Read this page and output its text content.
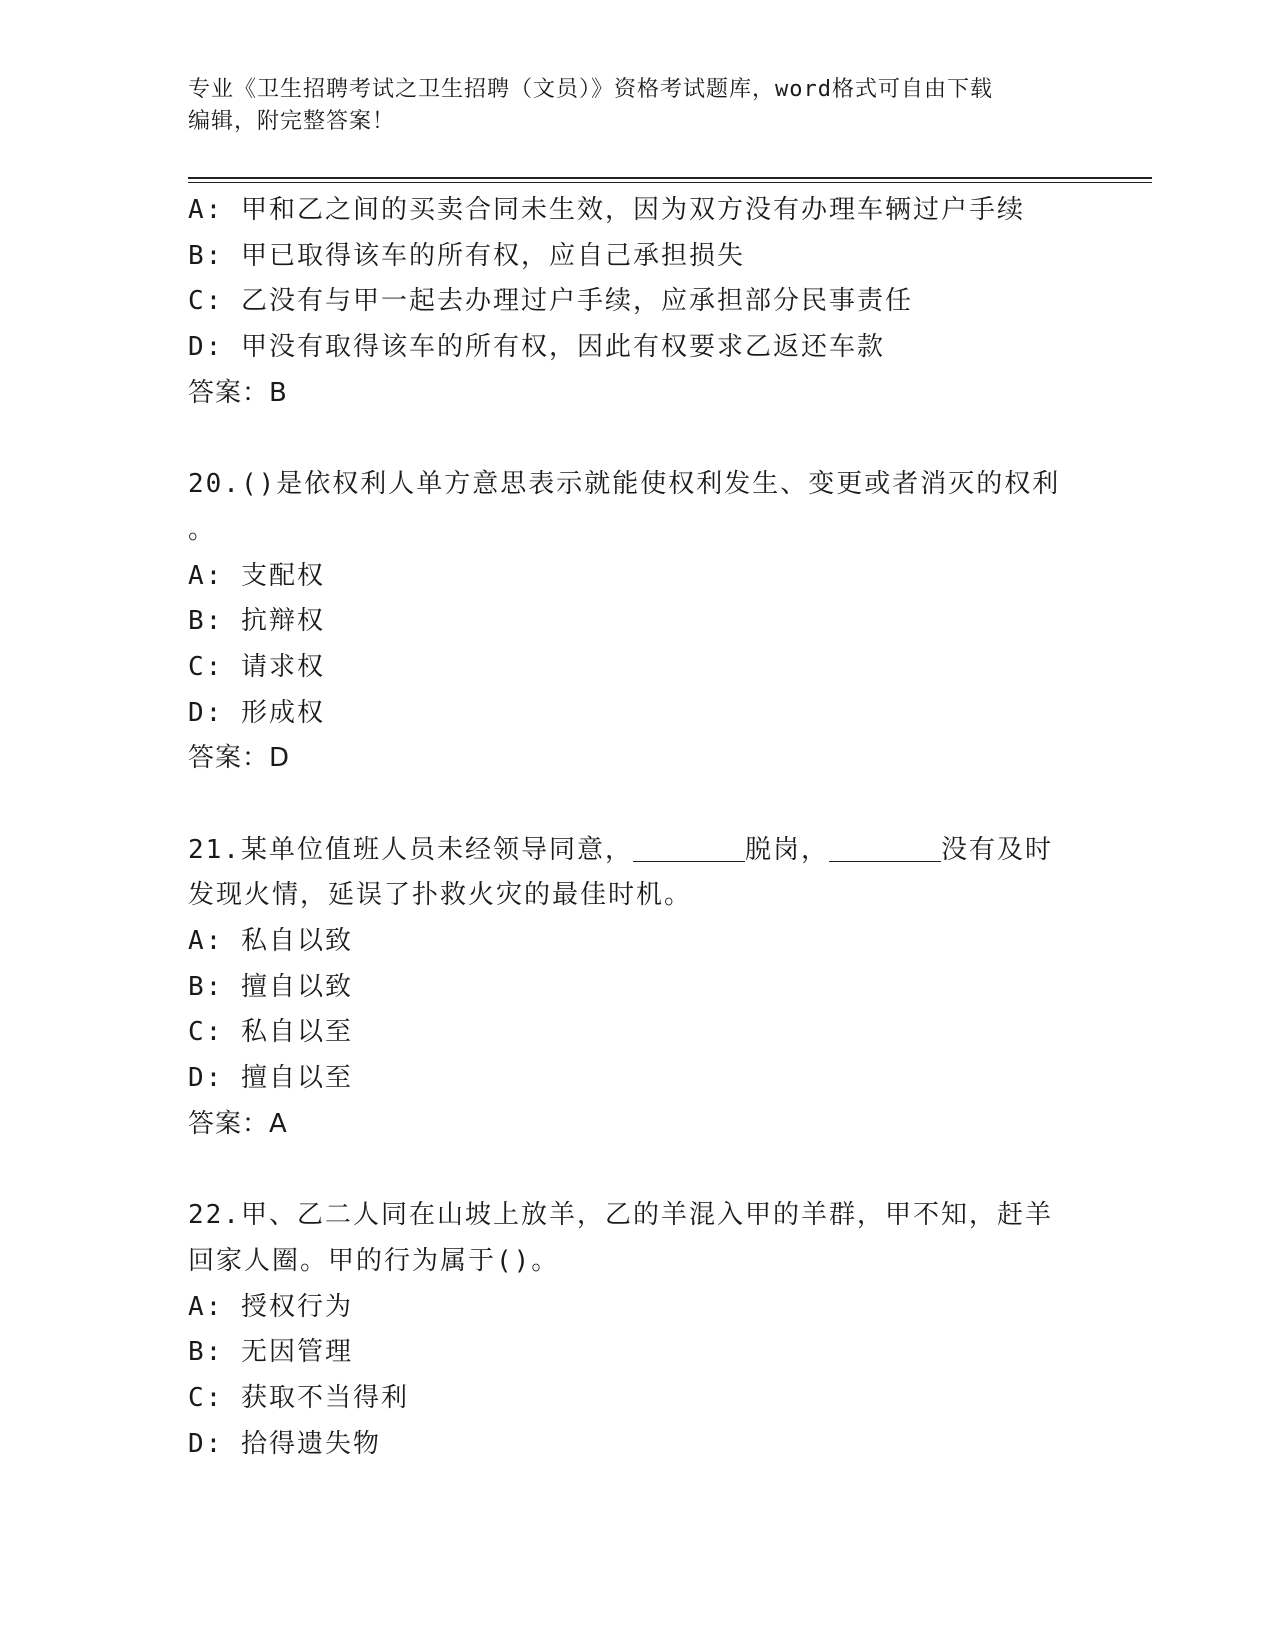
专业《卫生招聘考试之卫生招聘（文员）》资格考试题库，word格式可自由下载
编辑，附完整答案！
A: 甲和乙之间的买卖合同未生效，因为双方没有办理车辆过户手续
B: 甲已取得该车的所有权，应自己承担损失
C: 乙没有与甲一起去办理过户手续，应承担部分民事责任
D: 甲没有取得该车的所有权，因此有权要求乙返还车款
答案：B
20.()是依权利人单方意思表示就能使权利发生、变更或者消灭的权利
。
A: 支配权
B: 抗辩权
C: 请求权
D: 形成权
答案：D
21.某单位值班人员未经领导同意，	脱岗，	没有及时
发现火情，延误了扑救火灾的最佳时机。
A: 私自以致
B: 擅自以致
C: 私自以至
D: 擅自以至
答案：A
22.甲、乙二人同在山坡上放羊，乙的羊混入甲的羊群，甲不知，赶羊
回家人圈。甲的行为属于()。
A: 授权行为
B: 无因管理
C: 获取不当得利
D: 拾得遗失物
